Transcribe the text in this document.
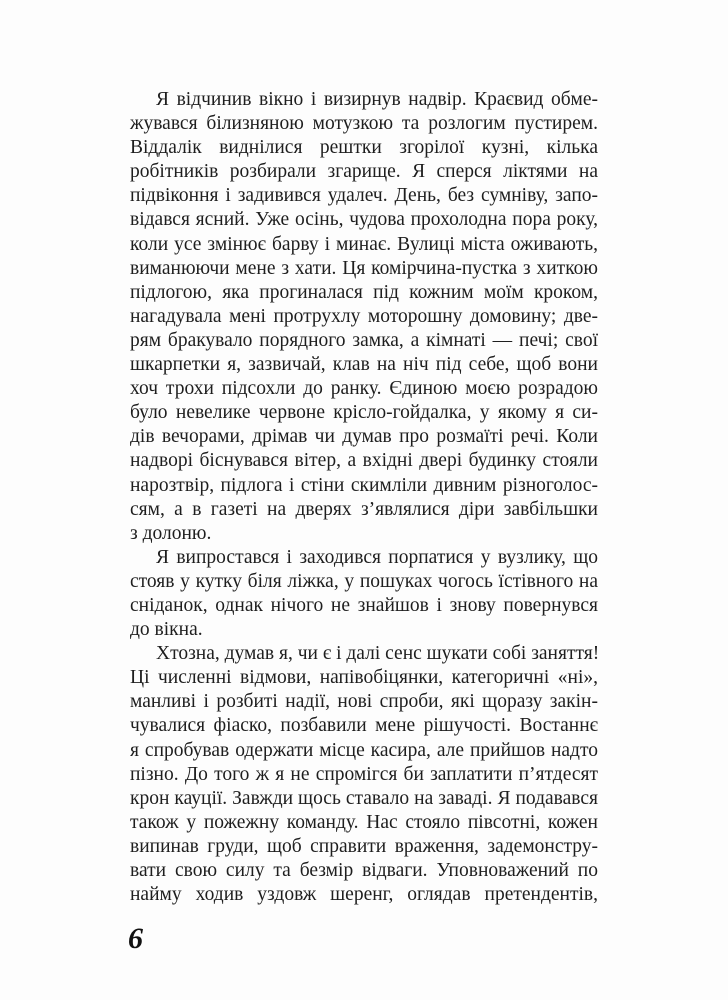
Я відчинив вікно і визирнув надвір. Краєвид обме-
жувався білизняною мотузкою та розлогим пустирем.
Віддалік виднілися рештки згорілої кузні, кілька
робітників розбирали згарище. Я сперся ліктями на
підвіконня і задивився удалеч. День, без сумніву, запо-
відався ясний. Уже осінь, чудова прохолодна пора року,
коли усе змінює барву і минає. Вулиці міста оживають,
виманюючи мене з хати. Ця комірчина-пустка з хиткою
підлогою, яка прогиналася під кожним моїм кроком,
нагадувала мені протрухлу моторошну домовину; две-
рям бракувало порядного замка, а кімнаті — печі; свої
шкарпетки я, зазвичай, клав на ніч під себе, щоб вони
хоч трохи підсохли до ранку. Єдиною моєю розрадою
було невелике червоне крісло-гойдалка, у якому я си-
дів вечорами, дрімав чи думав про розмаїті речі. Коли
надворі біснувався вітер, а вхідні двері будинку стояли
нарозтвір, підлога і стіни скимліли дивним різноголос-
сям, а в газеті на дверях з’являлися діри завбільшки
з долоню.
Я випростався і заходився порпатися у вузлику, що
стояв у кутку біля ліжка, у пошуках чогось їстівного на
сніданок, однак нічого не знайшов і знову повернувся
до вікна.
Хтозна, думав я, чи є і далі сенс шукати собі заняття!
Ці численні відмови, напівобіцянки, категоричні «ні»,
манливі і розбиті надії, нові спроби, які щоразу закін-
чувалися фіаско, позбавили мене рішучості. Востаннє
я спробував одержати місце касира, але прийшов надто
пізно. До того ж я не спромігся би заплатити п’ятдесят
крон кауції. Завжди щось ставало на заваді. Я подавався
також у пожежну команду. Нас стояло півсотні, кожен
випинав груди, щоб справити враження, задемонстру-
вати свою силу та безмір відваги. Уповноважений по
найму ходив уздовж шеренг, оглядав претендентів,
6
